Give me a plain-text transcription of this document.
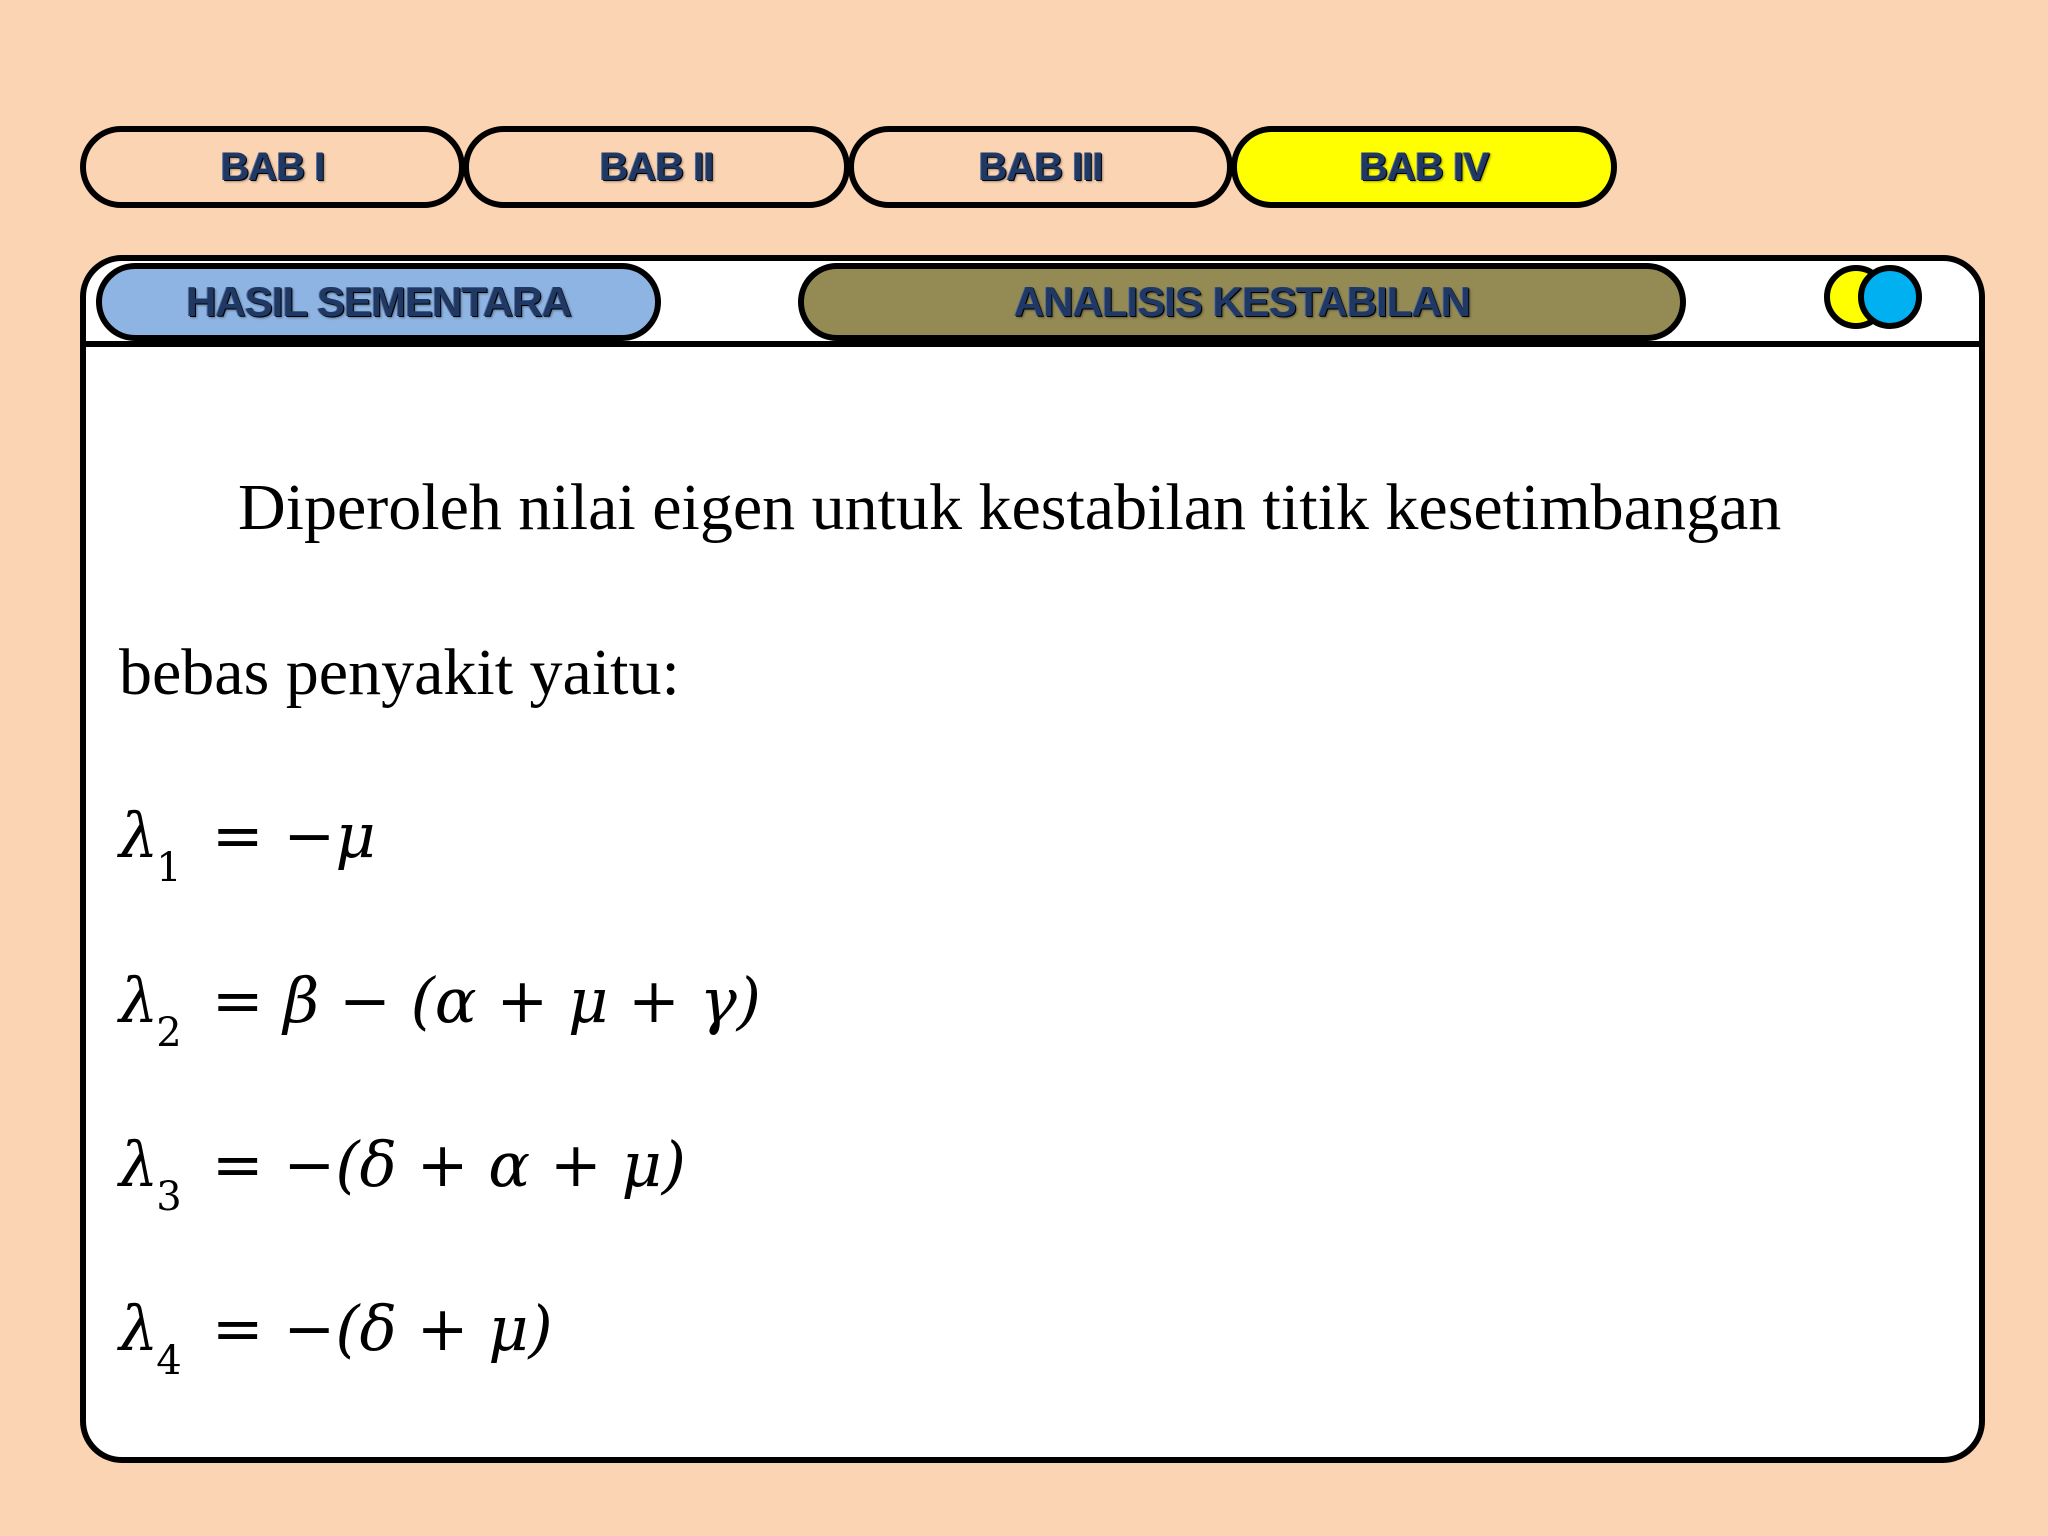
BAB I	BAB II	BAB III	BAB IV
HASIL SEMENTARA	ANALISIS KESTABILAN
Diperoleh nilai eigen untuk kestabilan titik kesetimbangan
bebas penyakit yaitu:
$\lambda_1 = -\mu$
$\lambda_2 = \beta - (\alpha + \mu + \gamma)$
$\lambda_3 = -(\delta + \alpha + \mu)$
$\lambda_4 = -(\delta + \mu)$
